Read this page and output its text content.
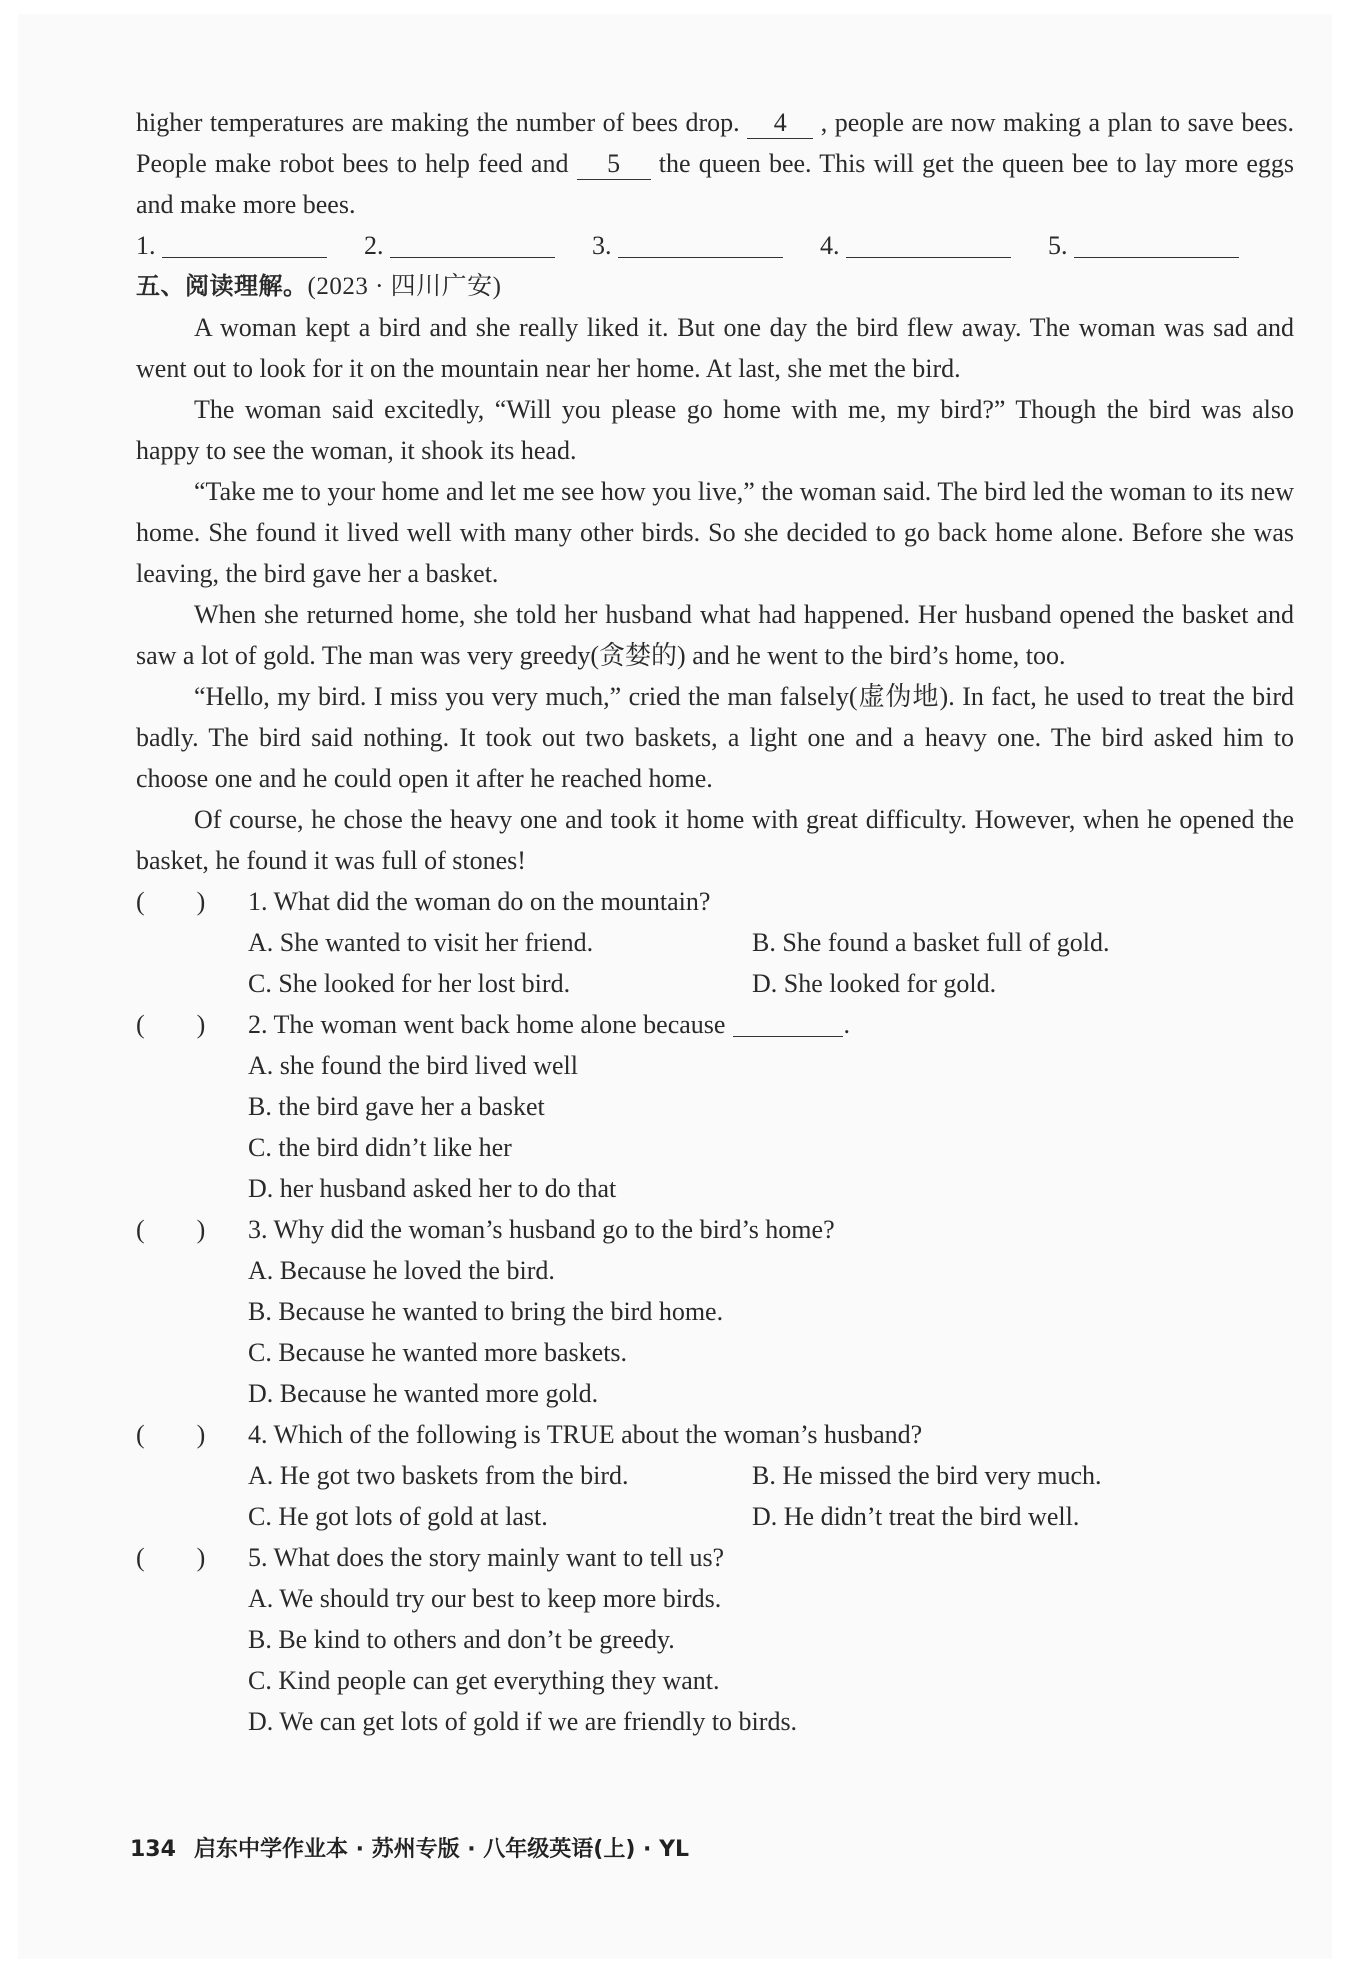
higher temperatures are making the number of bees drop. 4 , people are now making a plan to save bees. People make robot bees to help feed and 5 the queen bee. This will get the queen bee to lay more eggs and make more bees.

1.	2.	3.	4.	5.

五、阅读理解。(2023 · 四川广安)

A woman kept a bird and she really liked it. But one day the bird flew away. The woman was sad and went out to look for it on the mountain near her home. At last, she met the bird.

The woman said excitedly, “Will you please go home with me, my bird?” Though the bird was also happy to see the woman, it shook its head.

“Take me to your home and let me see how you live,” the woman said. The bird led the woman to its new home. She found it lived well with many other birds. So she decided to go back home alone. Before she was leaving, the bird gave her a basket.

When she returned home, she told her husband what had happened. Her husband opened the basket and saw a lot of gold. The man was very greedy(贪婪的) and he went to the bird’s home, too.

“Hello, my bird. I miss you very much,” cried the man falsely(虚伪地). In fact, he used to treat the bird badly. The bird said nothing. It took out two baskets, a light one and a heavy one. The bird asked him to choose one and he could open it after he reached home.

Of course, he chose the heavy one and took it home with great difficulty. However, when he opened the basket, he found it was full of stones!

(　　)	1. What did the woman do on the mountain?
A. She wanted to visit her friend.	B. She found a basket full of gold.
C. She looked for her lost bird.	D. She looked for gold.
(　　)	2. The woman went back home alone because	.

A. she found the bird lived well

B. the bird gave her a basket

C. the bird didn’t like her

D. her husband asked her to do that

(　　)	3. Why did the woman’s husband go to the bird’s home?

A. Because he loved the bird.

B. Because he wanted to bring the bird home.

C. Because he wanted more baskets.

D. Because he wanted more gold.

(　　)	4. Which of the following is TRUE about the woman’s husband?
A. He got two baskets from the bird.	B. He missed the bird very much.
C. He got lots of gold at last.	D. He didn’t treat the bird well.
(　　)	5. What does the story mainly want to tell us?

A. We should try our best to keep more birds.

B. Be kind to others and don’t be greedy.

C. Kind people can get everything they want.

D. We can get lots of gold if we are friendly to birds.

134 启东中学作业本 · 苏州专版 · 八年级英语(上) · YL
